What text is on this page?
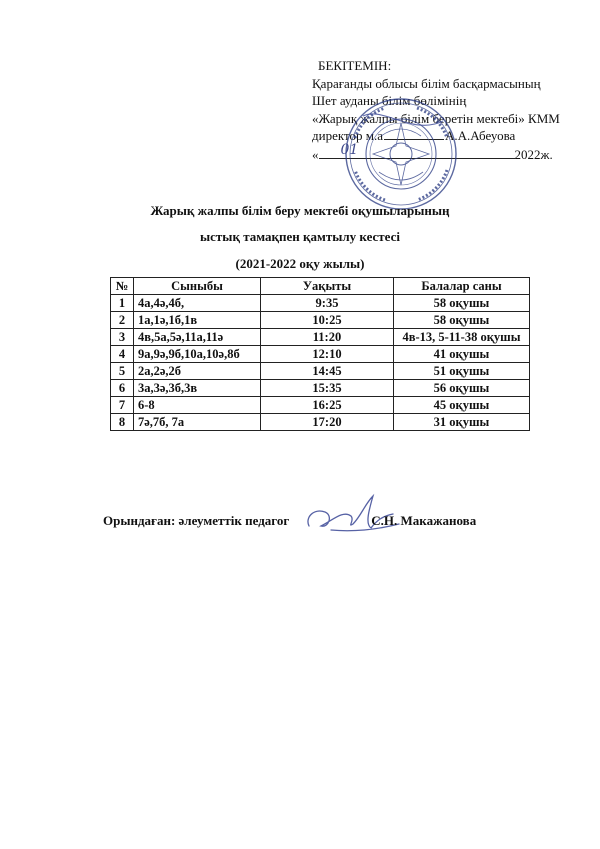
БЕКІТЕМІН:
Қарағанды облысы білім басқармасының
Шет ауданы білім бөлімінің
«Жарық жалпы білім беретін мектебі» КММ
директор м.а	А.А.Абеуова
« 01	2022ж.
Жарық жалпы білім беру мектебі оқушыларының
ыстық тамақпен қамтылу кестесі
(2021-2022 оқу жылы)
№	Сыныбы	Уақыты	Балалар саны
1	4а,4ә,4б,	9:35	58 оқушы
2	1а,1ә,1б,1в	10:25	58 оқушы
3	4в,5а,5ә,11а,11ә	11:20	4в-13, 5-11-38 оқушы
4	9а,9ә,9б,10а,10ә,8б	12:10	41 оқушы
5	2а,2ә,2б	14:45	51 оқушы
6	3а,3ә,3б,3в	15:35	56 оқушы
7	6-8	16:25	45 оқушы
8	7ә,7б, 7а	17:20	31 оқушы
Орындаған: әлеуметтік педагог	С.Н. Макажанова
